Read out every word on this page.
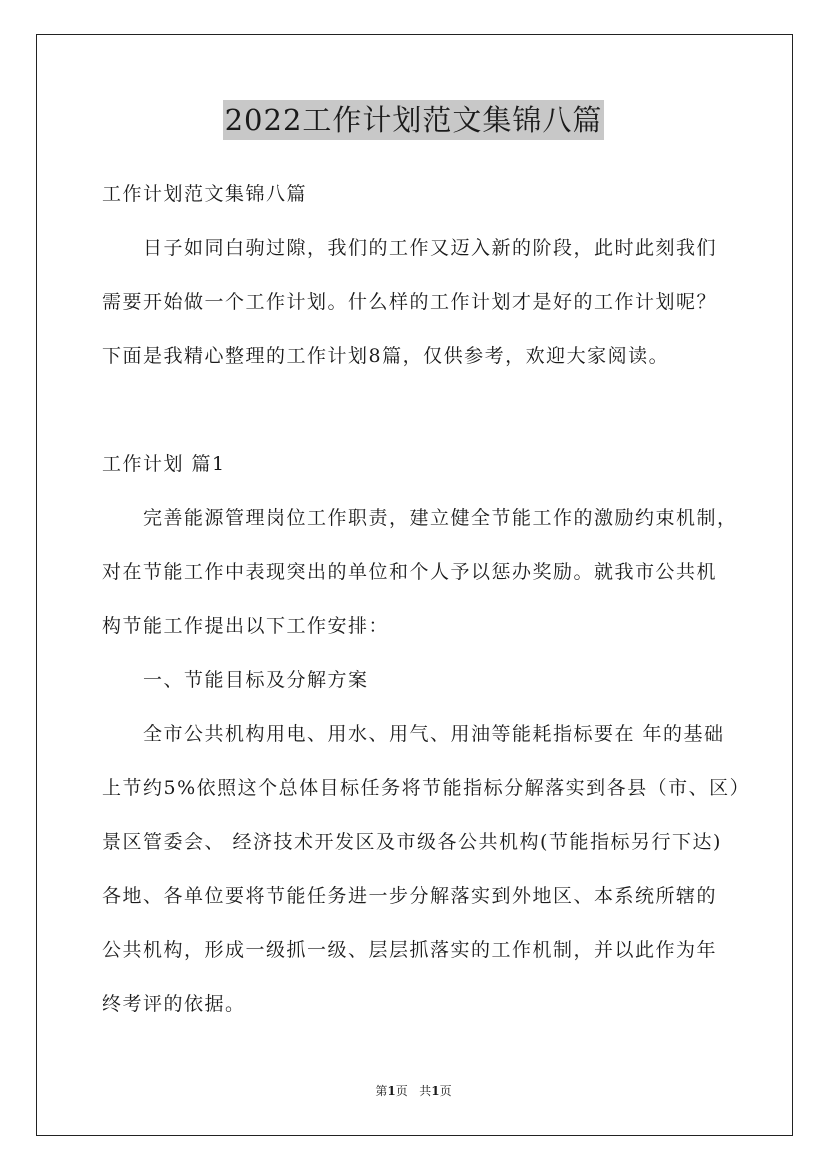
2022工作计划范文集锦八篇
工作计划范文集锦八篇
日子如同白驹过隙，我们的工作又迈入新的阶段，此时此刻我们
需要开始做一个工作计划。什么样的工作计划才是好的工作计划呢？
下面是我精心整理的工作计划8篇，仅供参考，欢迎大家阅读。
工作计划 篇1
完善能源管理岗位工作职责，建立健全节能工作的激励约束机制，
对在节能工作中表现突出的单位和个人予以惩办奖励。就我市公共机
构节能工作提出以下工作安排：
一、节能目标及分解方案
全市公共机构用电、用水、用气、用油等能耗指标要在 年的基础
上节约5%依照这个总体目标任务将节能指标分解落实到各县（市、区）
景区管委会、 经济技术开发区及市级各公共机构(节能指标另行下达)
各地、各单位要将节能任务进一步分解落实到外地区、本系统所辖的
公共机构，形成一级抓一级、层层抓落实的工作机制，并以此作为年
终考评的依据。
第1页 共1页
